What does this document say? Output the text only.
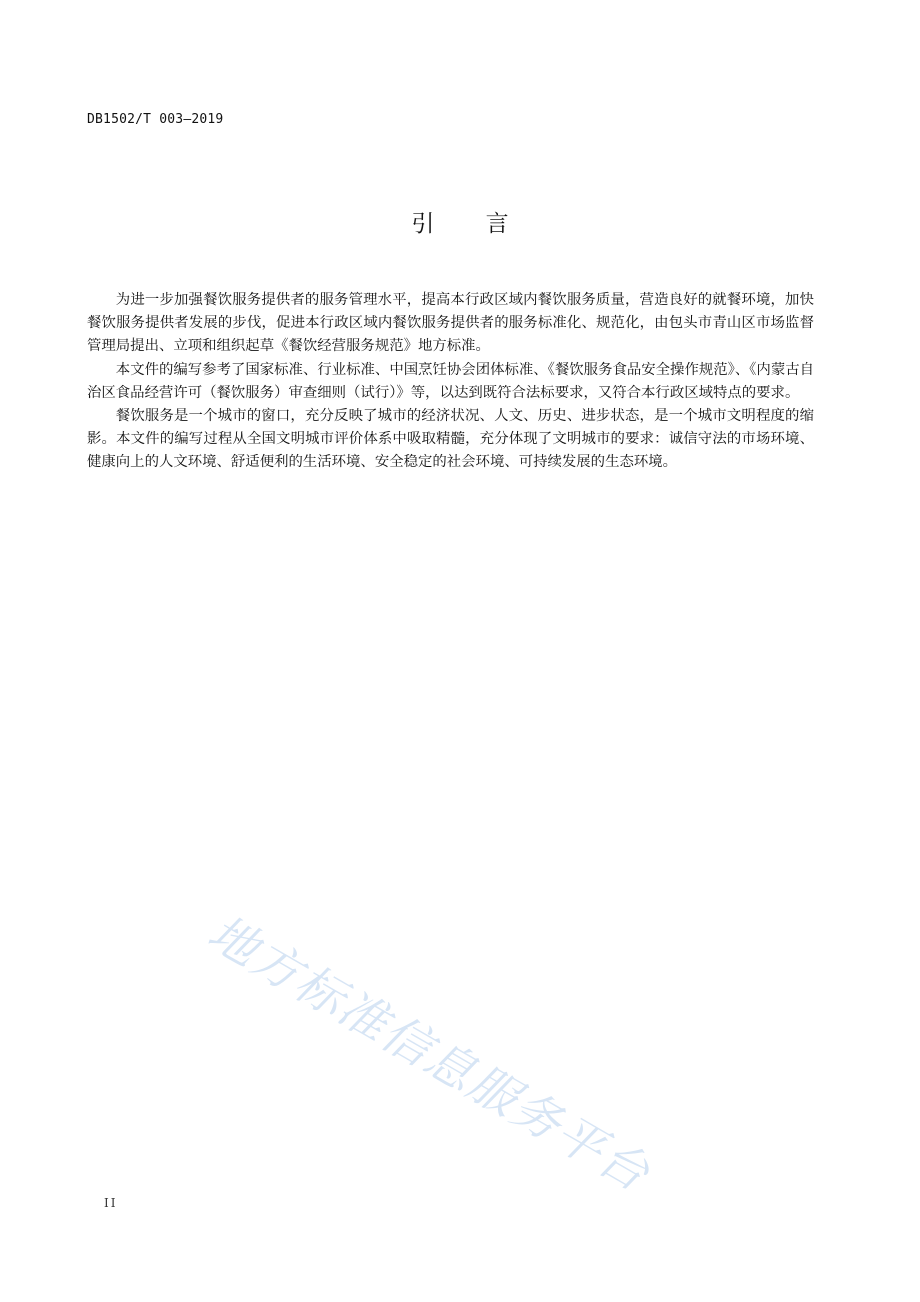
DB1502/T 003—2019
引 言

为进一步加强餐饮服务提供者的服务管理水平，提高本行政区域内餐饮服务质量，营造良好的就餐环境，加快餐饮服务提供者发展的步伐，促进本行政区域内餐饮服务提供者的服务标准化、规范化，由包头市青山区市场监督管理局提出、立项和组织起草《餐饮经营服务规范》地方标准。

本文件的编写参考了国家标准、行业标准、中国烹饪协会团体标准、《餐饮服务食品安全操作规范》、《内蒙古自治区食品经营许可（餐饮服务）审查细则（试行）》等，以达到既符合法标要求，又符合本行政区域特点的要求。

餐饮服务是一个城市的窗口，充分反映了城市的经济状况、人文、历史、进步状态，是一个城市文明程度的缩影。本文件的编写过程从全国文明城市评价体系中吸取精髓，充分体现了文明城市的要求：诚信守法的市场环境、健康向上的人文环境、舒适便利的生活环境、安全稳定的社会环境、可持续发展的生态环境。

地方标准信息服务平台
II
